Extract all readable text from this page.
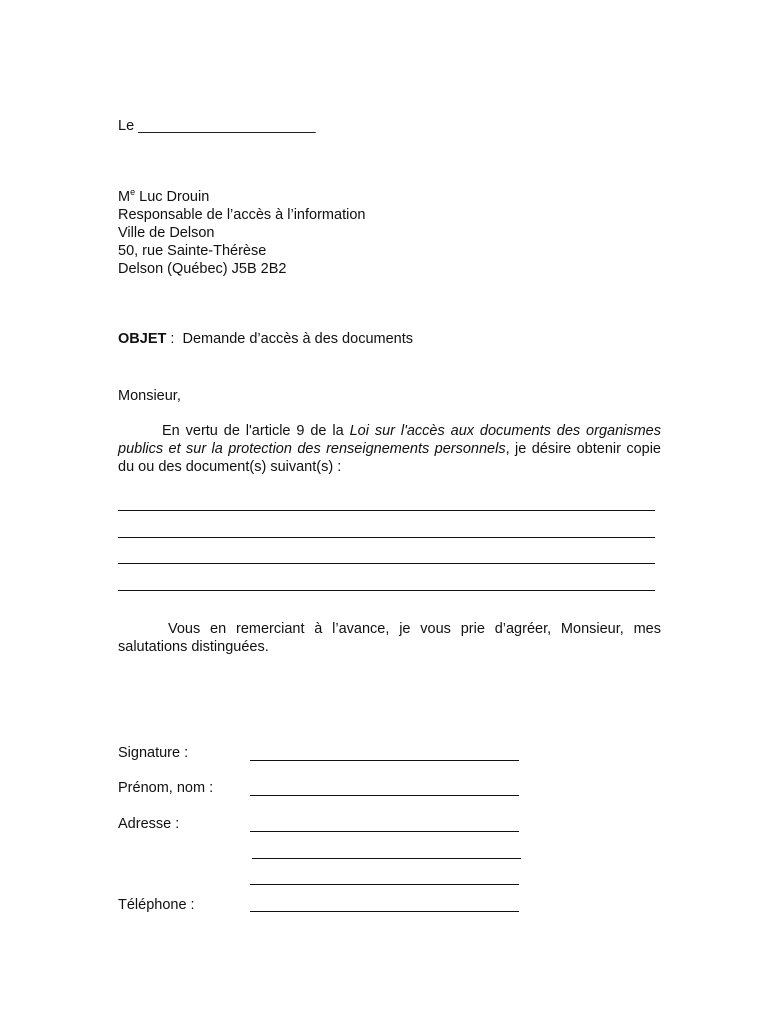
Le ______________________
Me Luc Drouin
Responsable de l’accès à l’information
Ville de Delson
50, rue Sainte-Thérèse
Delson (Québec) J5B 2B2
OBJET : Demande d’accès à des documents
Monsieur,
En vertu de l'article 9 de la Loi sur l'accès aux documents des organismes publics et sur la protection des renseignements personnels, je désire obtenir copie du ou des document(s) suivant(s) :
Vous en remerciant à l’avance, je vous prie d’agréer, Monsieur, mes salutations distinguées.
Signature :
Prénom, nom :
Adresse :
Téléphone :
